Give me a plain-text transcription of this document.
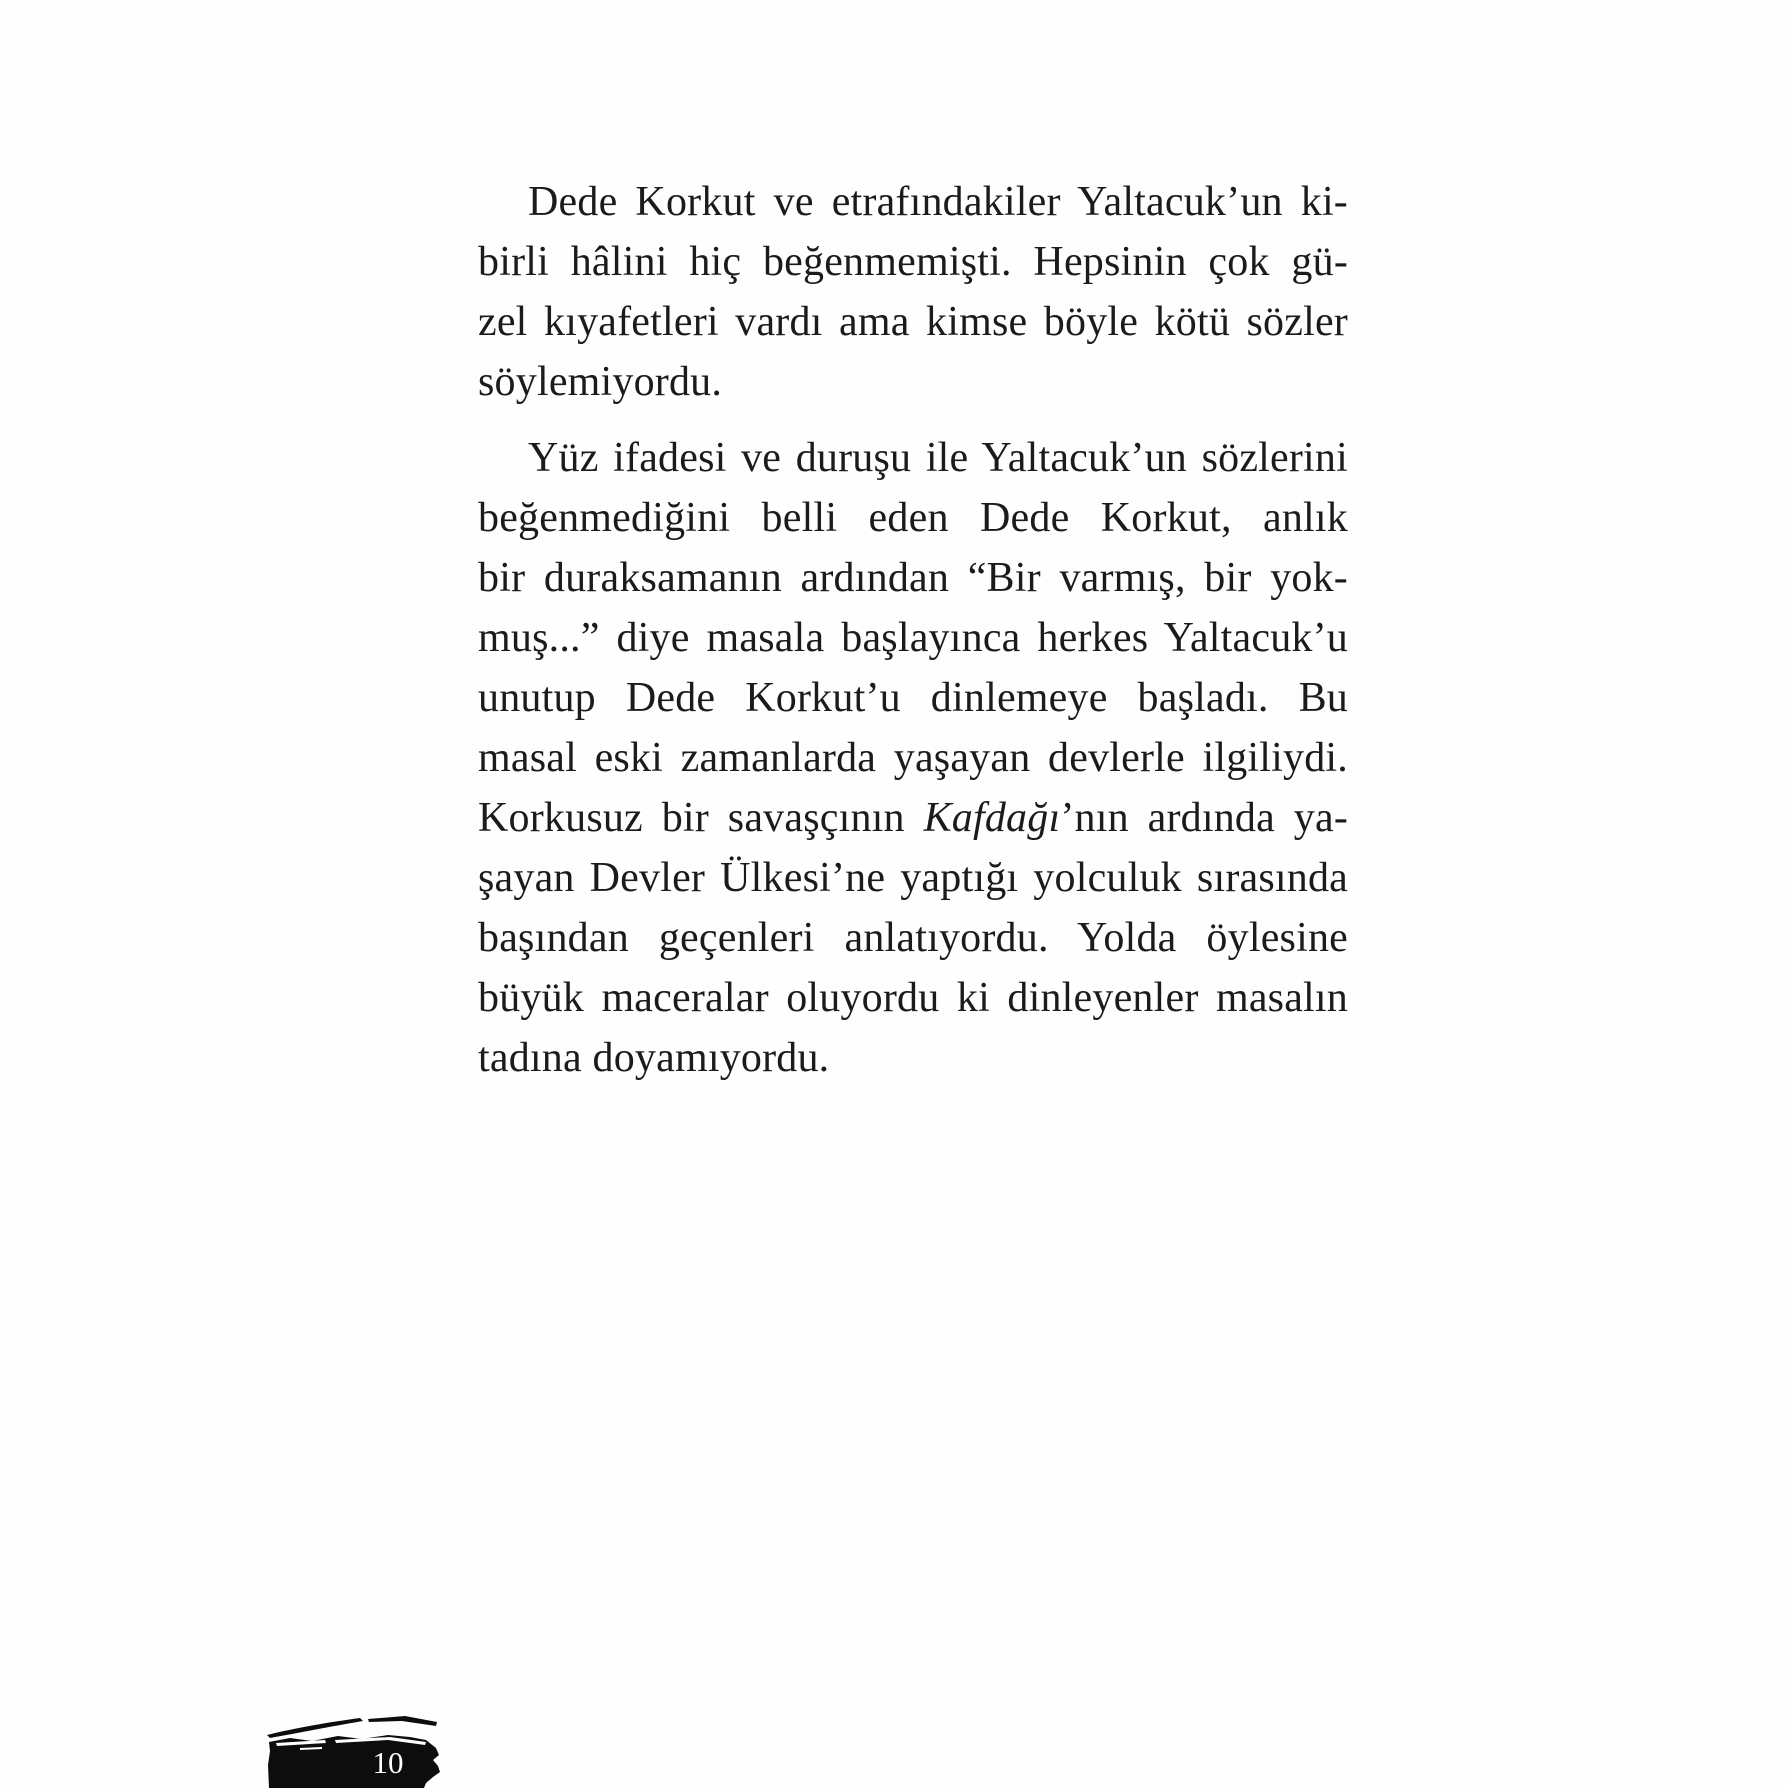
Dede Korkut ve etrafındakiler Yaltacuk’un ki-
birli hâlini hiç beğenmemişti. Hepsinin çok gü-
zel kıyafetleri vardı ama kimse böyle kötü sözler
söylemiyordu.
Yüz ifadesi ve duruşu ile Yaltacuk’un sözlerini
beğenmediğini belli eden Dede Korkut, anlık
bir duraksamanın ardından “Bir varmış, bir yok-
muş...” diye masala başlayınca herkes Yaltacuk’u
unutup Dede Korkut’u dinlemeye başladı. Bu
masal eski zamanlarda yaşayan devlerle ilgiliydi.
Korkusuz bir savaşçının Kafdağı’nın ardında ya-
şayan Devler Ülkesi’ne yaptığı yolculuk sırasında
başından geçenleri anlatıyordu. Yolda öylesine
büyük maceralar oluyordu ki dinleyenler masalın
tadına doyamıyordu.
10
